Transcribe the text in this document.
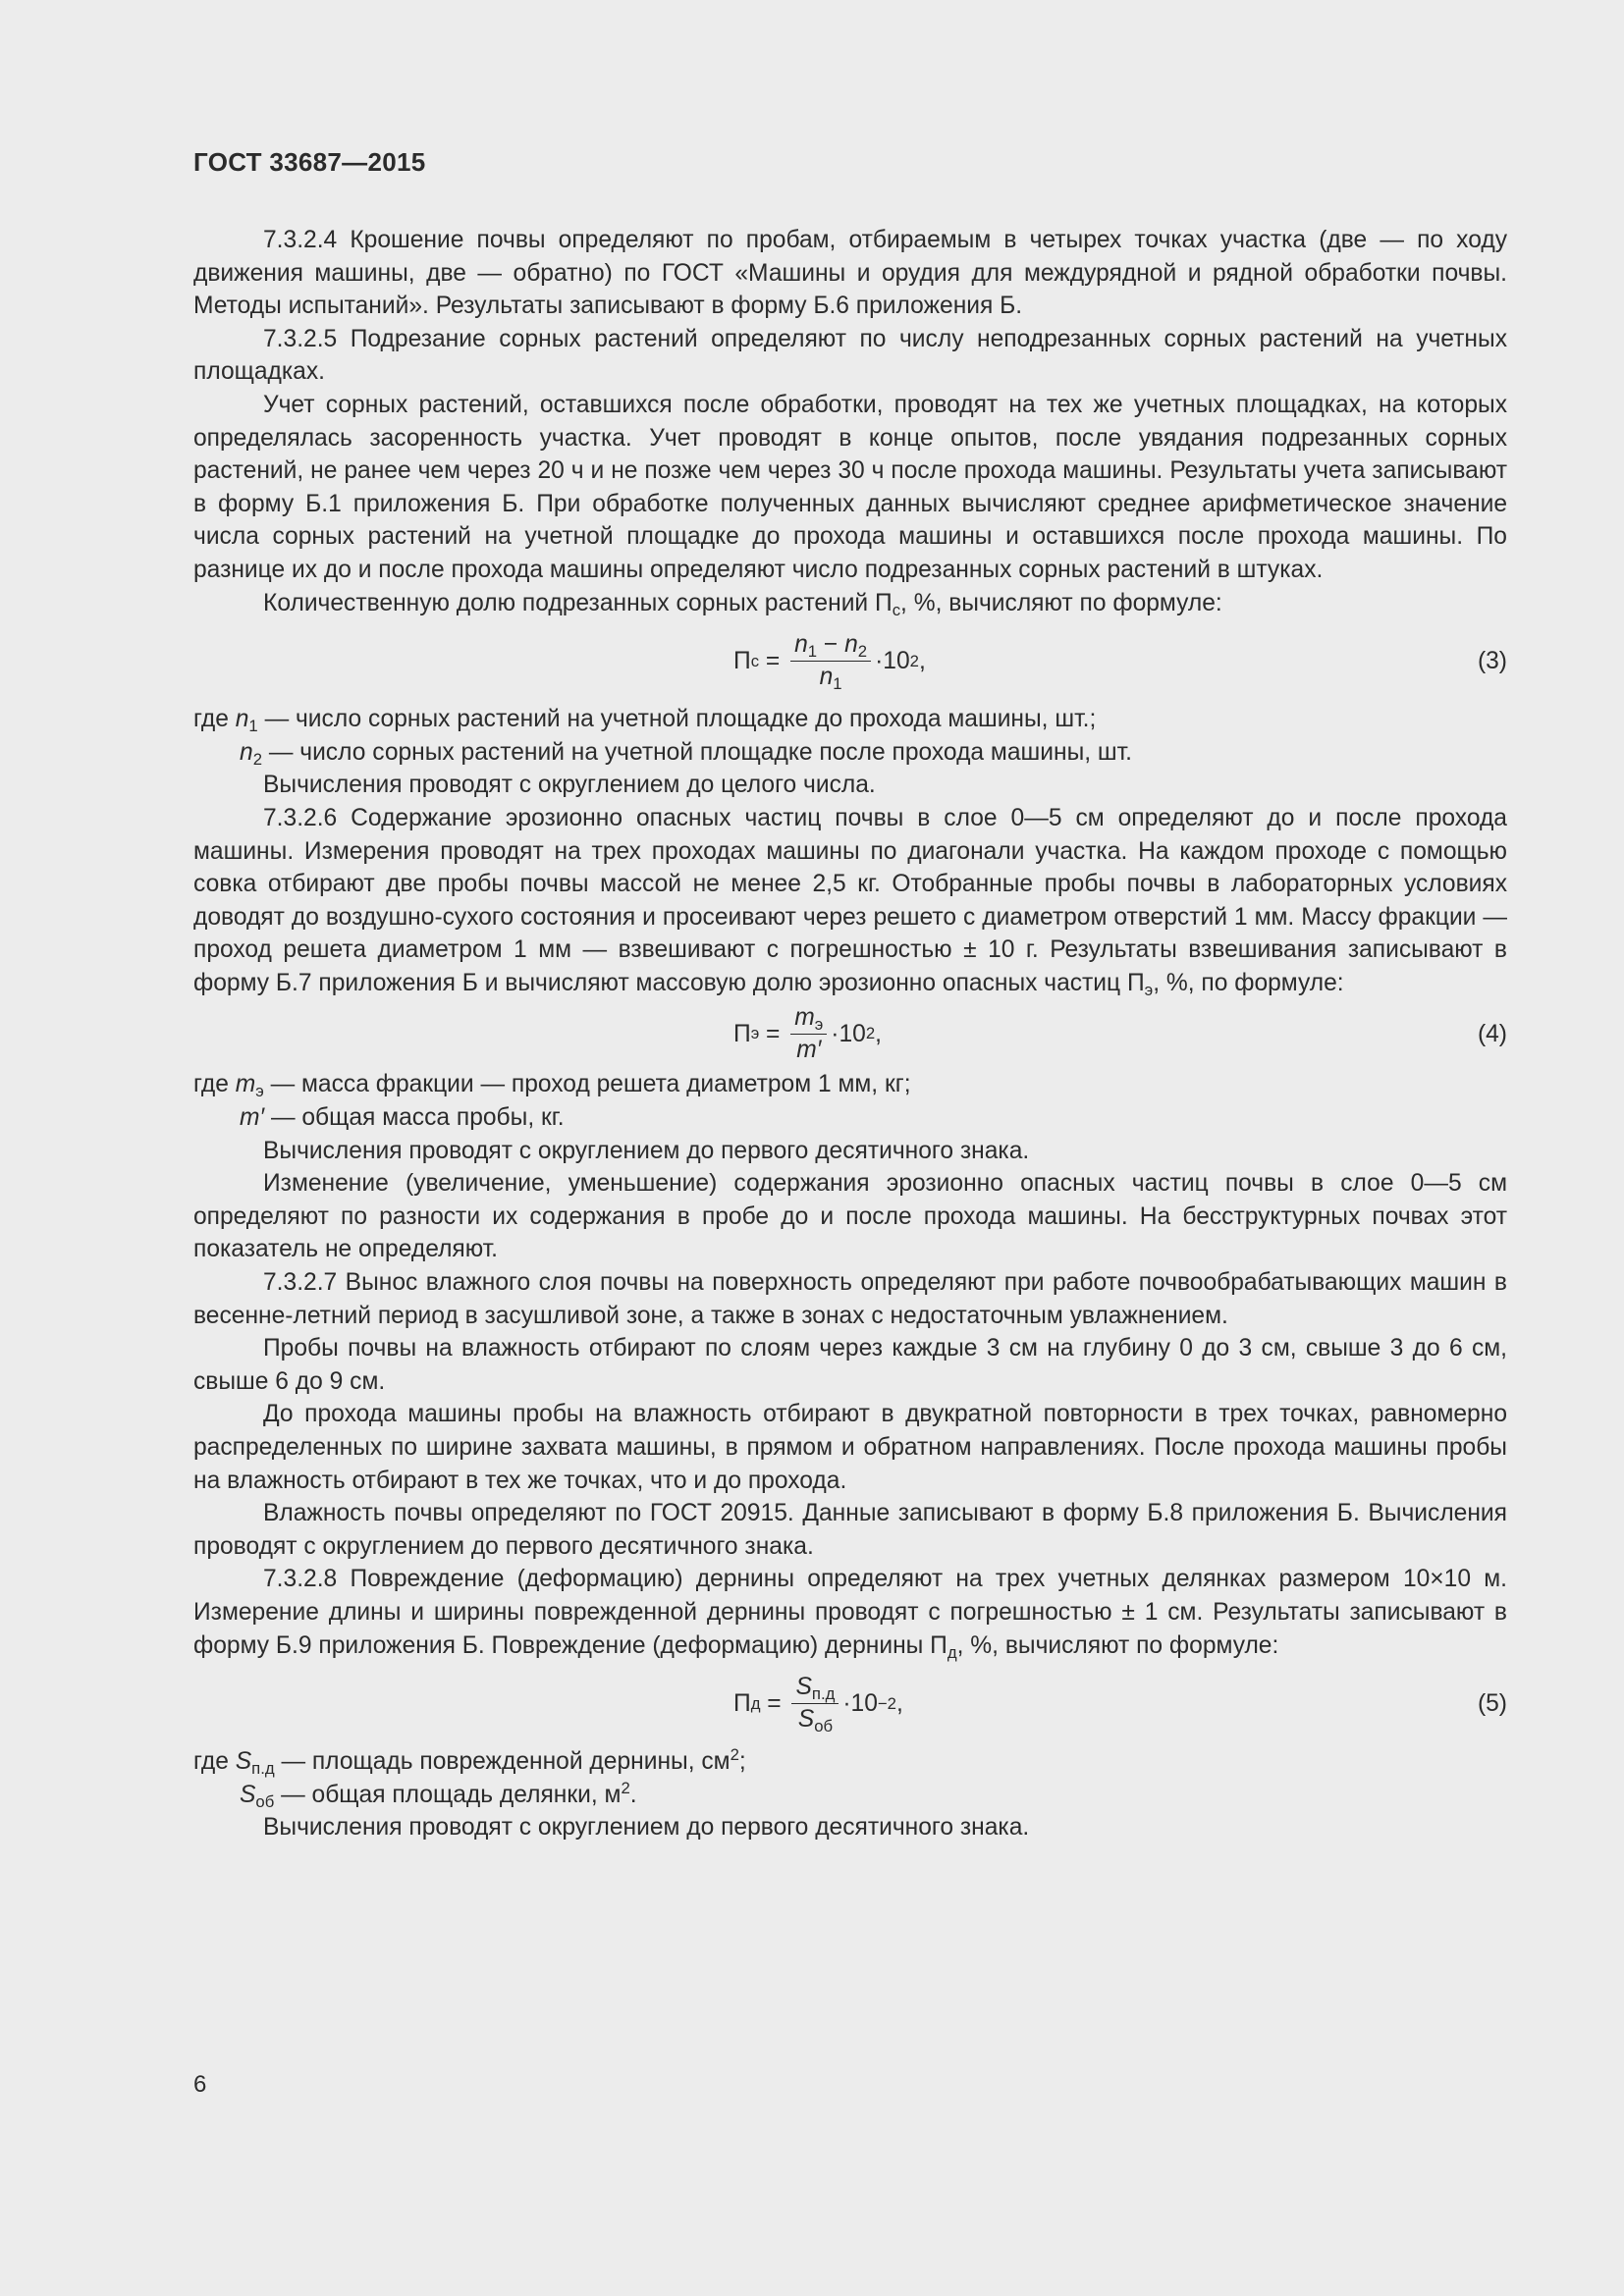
ГОСТ 33687—2015

7.3.2.4 Крошение почвы определяют по пробам, отбираемым в четырех точках участка (две — по ходу движения машины, две — обратно) по ГОСТ «Машины и орудия для междурядной и рядной обработки почвы. Методы испытаний». Результаты записывают в форму Б.6 приложения Б.

7.3.2.5 Подрезание сорных растений определяют по числу неподрезанных сорных растений на учетных площадках.

Учет сорных растений, оставшихся после обработки, проводят на тех же учетных площадках, на которых определялась засоренность участка. Учет проводят в конце опытов, после увядания подрезанных сорных растений, не ранее чем через 20 ч и не позже чем через 30 ч после прохода машины. Результаты учета записывают в форму Б.1 приложения Б. При обработке полученных данных вычисляют среднее арифметическое значение числа сорных растений на учетной площадке до прохода машины и оставшихся после прохода машины. По разнице их до и после прохода машины определяют число подрезанных сорных растений в штуках.

Количественную долю подрезанных сорных растений $П_с$, %, вычисляют по формуле:

П $с = \frac{n_1 - n_2}{n_1} \cdot 10$ 2 ,	(3)

где $n_1$ — число сорных растений на учетной площадке до прохода машины, шт.;

$n_2$ — число сорных растений на учетной площадке после прохода машины, шт.

Вычисления проводят с округлением до целого числа.

7.3.2.6 Содержание эрозионно опасных частиц почвы в слое 0—5 см определяют до и после прохода машины. Измерения проводят на трех проходах машины по диагонали участка. На каждом проходе с помощью совка отбирают две пробы почвы массой не менее 2,5 кг. Отобранные пробы почвы в лабораторных условиях доводят до воздушно-сухого состояния и просеивают через решето с диаметром отверстий 1 мм. Массу фракции — проход решета диаметром 1 мм — взвешивают с погрешностью ± 10 г. Результаты взвешивания записывают в форму Б.7 приложения Б и вычисляют массовую долю эрозионно опасных частиц $П_э$, %, по формуле:

П $э = \frac{m_э}{m'} \cdot 10$ 2 ,	(4)

где $m_э$ — масса фракции — проход решета диаметром 1 мм, кг;

m′ — общая масса пробы, кг.

Вычисления проводят с округлением до первого десятичного знака.

Изменение (увеличение, уменьшение) содержания эрозионно опасных частиц почвы в слое 0—5 см определяют по разности их содержания в пробе до и после прохода машины. На бесструктурных почвах этот показатель не определяют.

7.3.2.7 Вынос влажного слоя почвы на поверхность определяют при работе почвообрабатывающих машин в весенне-летний период в засушливой зоне, а также в зонах с недостаточным увлажнением.

Пробы почвы на влажность отбирают по слоям через каждые 3 см на глубину 0 до 3 см, свыше 3 до 6 см, свыше 6 до 9 см.

До прохода машины пробы на влажность отбирают в двукратной повторности в трех точках, равномерно распределенных по ширине захвата машины, в прямом и обратном направлениях. После прохода машины пробы на влажность отбирают в тех же точках, что и до прохода.

Влажность почвы определяют по ГОСТ 20915. Данные записывают в форму Б.8 приложения Б. Вычисления проводят с округлением до первого десятичного знака.

7.3.2.8 Повреждение (деформацию) дернины определяют на трех учетных делянках размером 10×10 м. Измерение длины и ширины поврежденной дернины проводят с погрешностью ± 1 см. Результаты записывают в форму Б.9 приложения Б. Повреждение (деформацию) дернины $П_д$, %, вычисляют по формуле:

П $д = \frac{S_{п.д}}{S_{об}} \cdot 10 -2$ ,	(5)

где $S_{п.д}$ — площадь поврежденной дернины, $см^2$;

$S_{об}$ — общая площадь делянки, $м^2$.

Вычисления проводят с округлением до первого десятичного знака.

6
